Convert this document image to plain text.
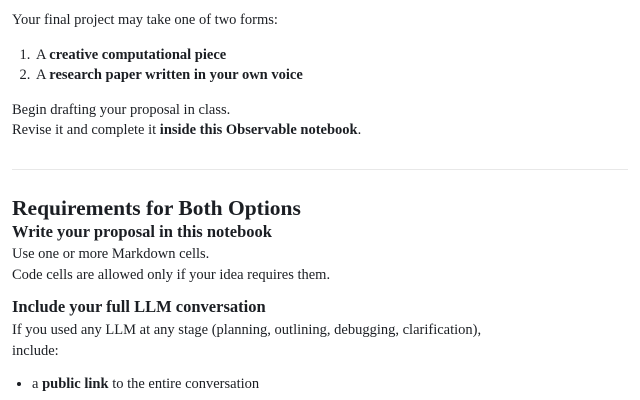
Your final project may take one of two forms:

1. A creative computational piece
2. A research paper written in your own voice

Begin drafting your proposal in class.

Revise it and complete it inside this Observable notebook.

Requirements for Both Options
Write your proposal in this notebook

Use one or more Markdown cells.

Code cells are allowed only if your idea requires them.

Include your full LLM conversation

If you used any LLM at any stage (planning, outlining, debugging, clarification),

include:

• a public link to the entire conversation
